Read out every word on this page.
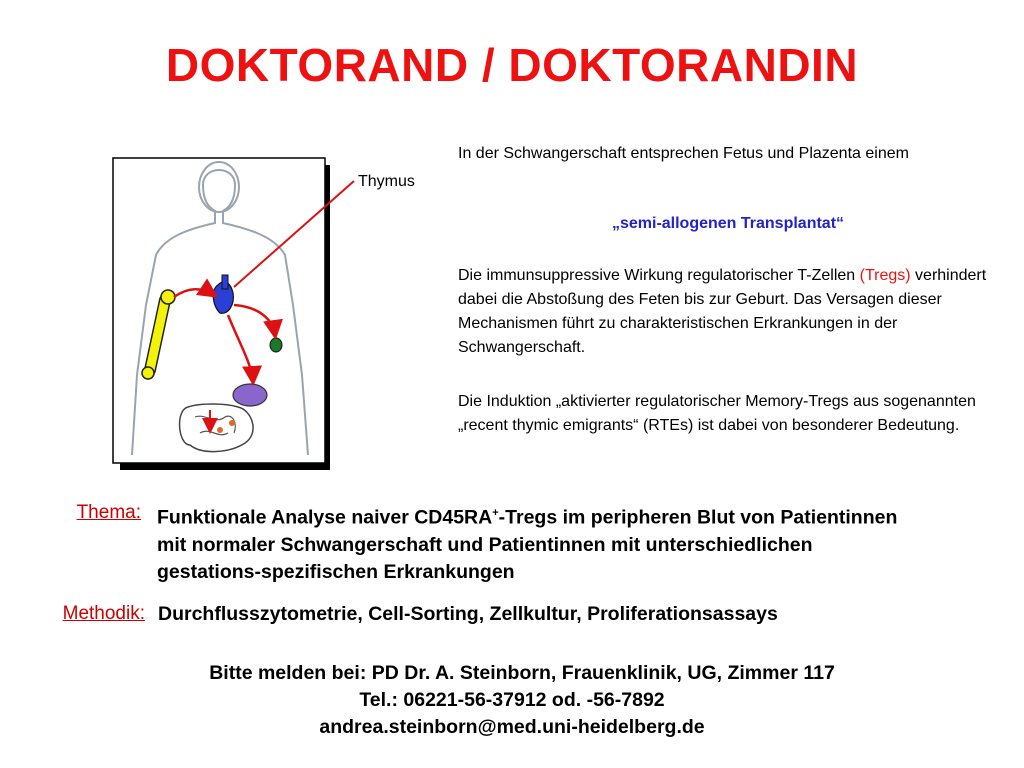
DOKTORAND / DOKTORANDIN
Thymus
In der Schwangerschaft entsprechen Fetus und Plazenta einem
„semi-allogenen Transplantat“
Die immunsuppressive Wirkung regulatorischer T-Zellen (Tregs) verhindert dabei die Abstoßung des Feten bis zur Geburt. Das Versagen dieser Mechanismen führt zu charakteristischen Erkrankungen in der Schwangerschaft.
Die Induktion „aktivierter regulatorischer Memory-Tregs aus sogenannten „recent thymic emigrants“ (RTEs) ist dabei von besonderer Bedeutung.
Thema: Funktionale Analyse naiver CD45RA+-Tregs im peripheren Blut von Patientinnen mit normaler Schwangerschaft und Patientinnen mit unterschiedlichen gestations-spezifischen Erkrankungen
Methodik: Durchflusszytometrie, Cell-Sorting, Zellkultur, Proliferationsassays
Bitte melden bei: PD Dr. A. Steinborn, Frauenklinik, UG, Zimmer 117
Tel.: 06221-56-37912 od. -56-7892
andrea.steinborn@med.uni-heidelberg.de
